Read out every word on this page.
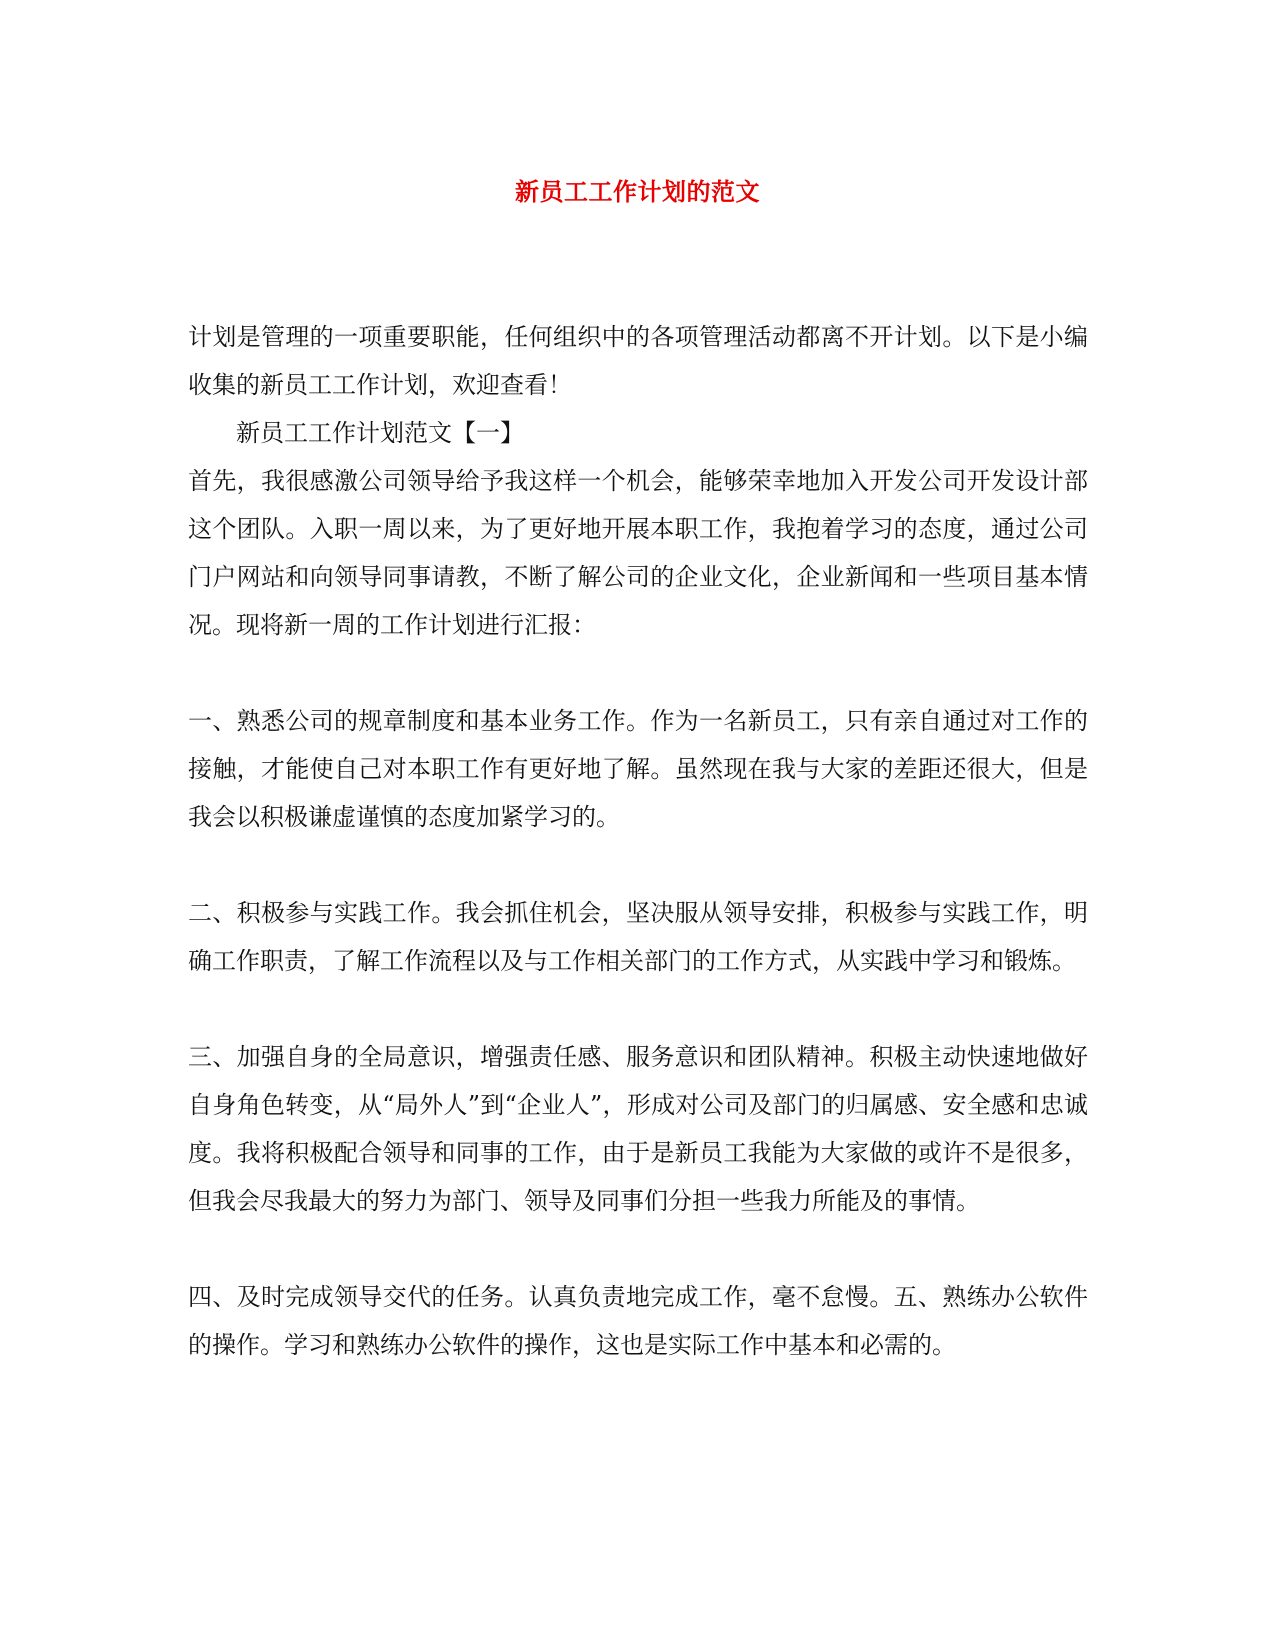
新员工工作计划的范文

计划是管理的一项重要职能，任何组织中的各项管理活动都离不开计划。以下是小编收集的新员工工作计划，欢迎查看！

新员工工作计划范文【一】

首先，我很感激公司领导给予我这样一个机会，能够荣幸地加入开发公司开发设计部这个团队。入职一周以来，为了更好地开展本职工作，我抱着学习的态度，通过公司门户网站和向领导同事请教，不断了解公司的企业文化，企业新闻和一些项目基本情况。现将新一周的工作计划进行汇报：

一、熟悉公司的规章制度和基本业务工作。作为一名新员工，只有亲自通过对工作的接触，才能使自己对本职工作有更好地了解。虽然现在我与大家的差距还很大，但是我会以积极谦虚谨慎的态度加紧学习的。

二、积极参与实践工作。我会抓住机会，坚决服从领导安排，积极参与实践工作，明确工作职责，了解工作流程以及与工作相关部门的工作方式，从实践中学习和锻炼。

三、加强自身的全局意识，增强责任感、服务意识和团队精神。积极主动快速地做好自身角色转变，从“局外人”到“企业人”，形成对公司及部门的归属感、安全感和忠诚度。我将积极配合领导和同事的工作，由于是新员工我能为大家做的或许不是很多，但我会尽我最大的努力为部门、领导及同事们分担一些我力所能及的事情。

四、及时完成领导交代的任务。认真负责地完成工作，毫不怠慢。五、熟练办公软件的操作。学习和熟练办公软件的操作，这也是实际工作中基本和必需的。
